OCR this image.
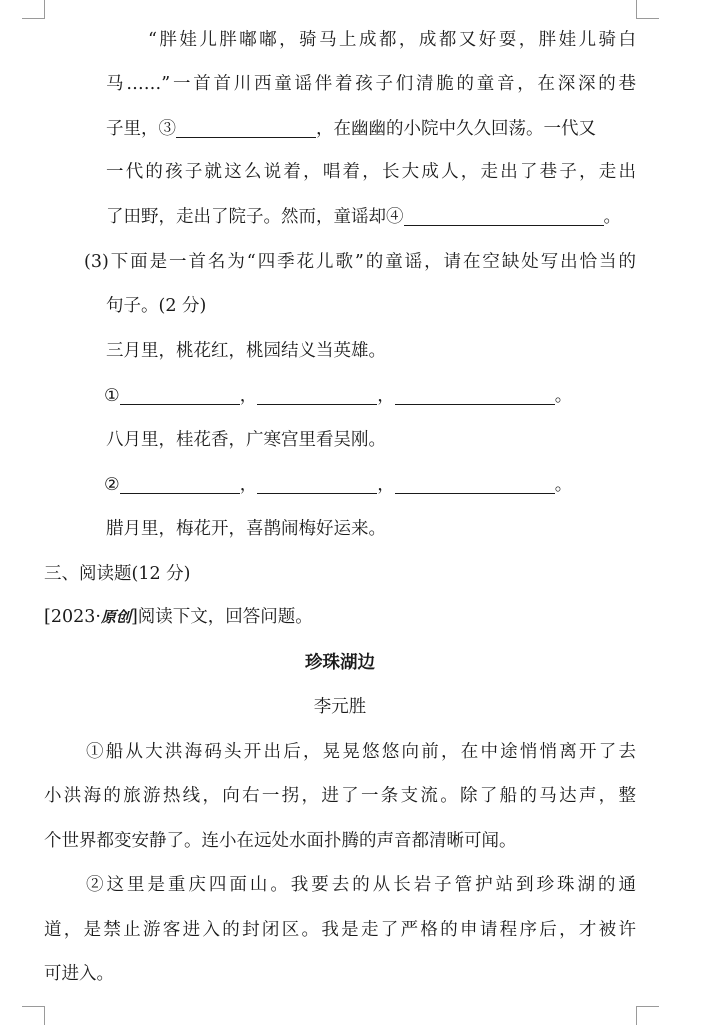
“胖娃儿胖嘟嘟，骑马上成都，成都又好耍，胖娃儿骑白
马……”一首首川西童谣伴着孩子们清脆的童音，在深深的巷
子里，③	，在幽幽的小院中久久回荡。一代又
一代的孩子就这么说着，唱着，长大成人，走出了巷子，走出
了田野，走出了院子。然而，童谣却④	。
(3)下面是一首名为“四季花儿歌”的童谣，请在空缺处写出恰当的
句子。(2 分)
三月里，桃花红，桃园结义当英雄。
①	，	，	。
八月里，桂花香，广寒宫里看吴刚。
②	，	，	。
腊月里，梅花开，喜鹊闹梅好运来。
三、阅读题(12 分)
[2023·原创]阅读下文，回答问题。
珍珠湖边
李元胜
①船从大洪海码头开出后，晃晃悠悠向前，在中途悄悄离开了去
小洪海的旅游热线，向右一拐，进了一条支流。除了船的马达声，整
个世界都变安静了。连小在远处水面扑腾的声音都清晰可闻。
②这里是重庆四面山。我要去的从长岩子管护站到珍珠湖的通
道，是禁止游客进入的封闭区。我是走了严格的申请程序后，才被许
可进入。
